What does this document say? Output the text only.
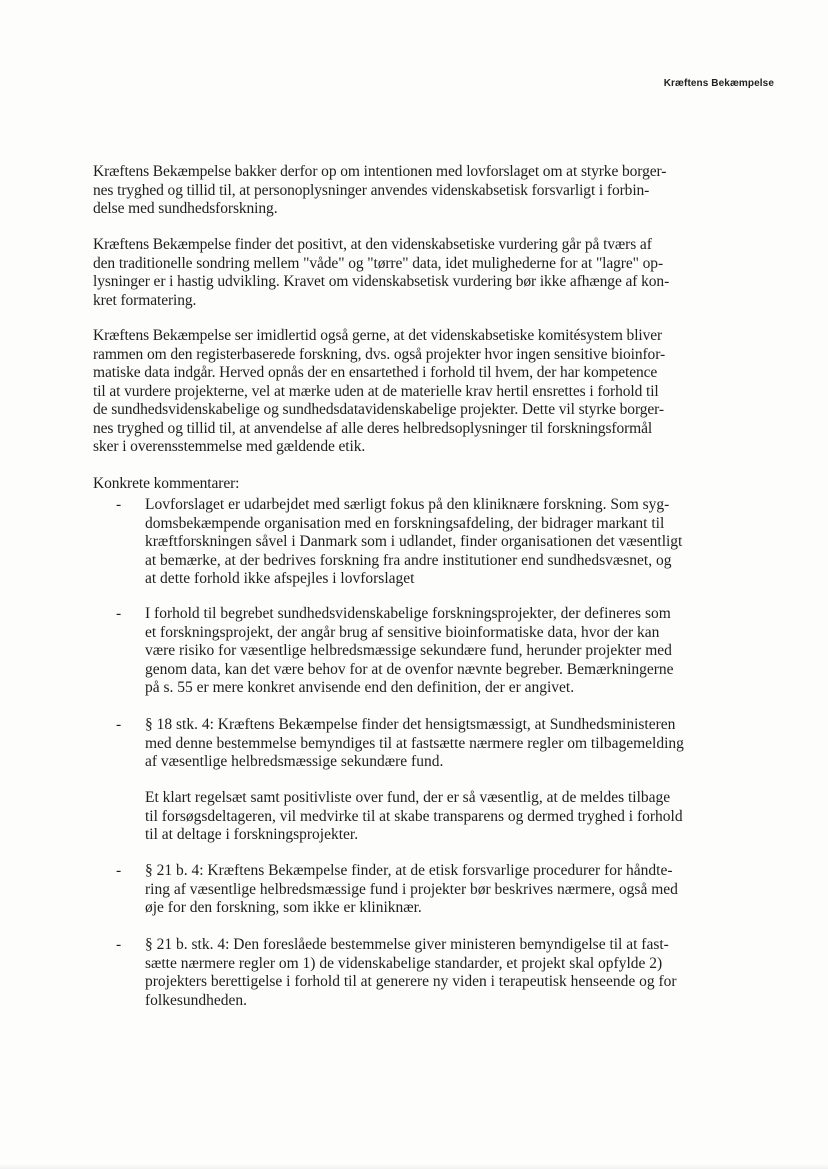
Kræftens Bekæmpelse
Kræftens Bekæmpelse bakker derfor op om intentionen med lovforslaget om at styrke borger-
nes tryghed og tillid til, at personoplysninger anvendes videnskabsetisk forsvarligt i forbin-
delse med sundhedsforskning.
Kræftens Bekæmpelse finder det positivt, at den videnskabsetiske vurdering går på tværs af
den traditionelle sondring mellem "våde" og "tørre" data, idet mulighederne for at "lagre" op-
lysninger er i hastig udvikling. Kravet om videnskabsetisk vurdering bør ikke afhænge af kon-
kret formatering.
Kræftens Bekæmpelse ser imidlertid også gerne, at det videnskabsetiske komitésystem bliver
rammen om den registerbaserede forskning, dvs. også projekter hvor ingen sensitive bioinfor-
matiske data indgår. Herved opnås der en ensartethed i forhold til hvem, der har kompetence
til at vurdere projekterne, vel at mærke uden at de materielle krav hertil ensrettes i forhold til
de sundhedsvidenskabelige og sundhedsdatavidenskabelige projekter. Dette vil styrke borger-
nes tryghed og tillid til, at anvendelse af alle deres helbredsoplysninger til forskningsformål
sker i overensstemmelse med gældende etik.
Konkrete kommentarer:
- Lovforslaget er udarbejdet med særligt fokus på den kliniknære forskning. Som syg-
domsbekæmpende organisation med en forskningsafdeling, der bidrager markant til
kræftforskningen såvel i Danmark som i udlandet, finder organisationen det væsentligt
at bemærke, at der bedrives forskning fra andre institutioner end sundhedsvæsnet, og
at dette forhold ikke afspejles i lovforslaget
- I forhold til begrebet sundhedsvidenskabelige forskningsprojekter, der defineres som
et forskningsprojekt, der angår brug af sensitive bioinformatiske data, hvor der kan
være risiko for væsentlige helbredsmæssige sekundære fund, herunder projekter med
genom data, kan det være behov for at de ovenfor nævnte begreber. Bemærkningerne
på s. 55 er mere konkret anvisende end den definition, der er angivet.
- § 18 stk. 4: Kræftens Bekæmpelse finder det hensigtsmæssigt, at Sundhedsministeren
med denne bestemmelse bemyndiges til at fastsætte nærmere regler om tilbagemelding
af væsentlige helbredsmæssige sekundære fund.
Et klart regelsæt samt positivliste over fund, der er så væsentlig, at de meldes tilbage
til forsøgsdeltageren, vil medvirke til at skabe transparens og dermed tryghed i forhold
til at deltage i forskningsprojekter.
- § 21 b. 4: Kræftens Bekæmpelse finder, at de etisk forsvarlige procedurer for håndte-
ring af væsentlige helbredsmæssige fund i projekter bør beskrives nærmere, også med
øje for den forskning, som ikke er kliniknær.
- § 21 b. stk. 4: Den foreslåede bestemmelse giver ministeren bemyndigelse til at fast-
sætte nærmere regler om 1) de videnskabelige standarder, et projekt skal opfylde 2)
projekters berettigelse i forhold til at generere ny viden i terapeutisk henseende og for
folkesundheden.
